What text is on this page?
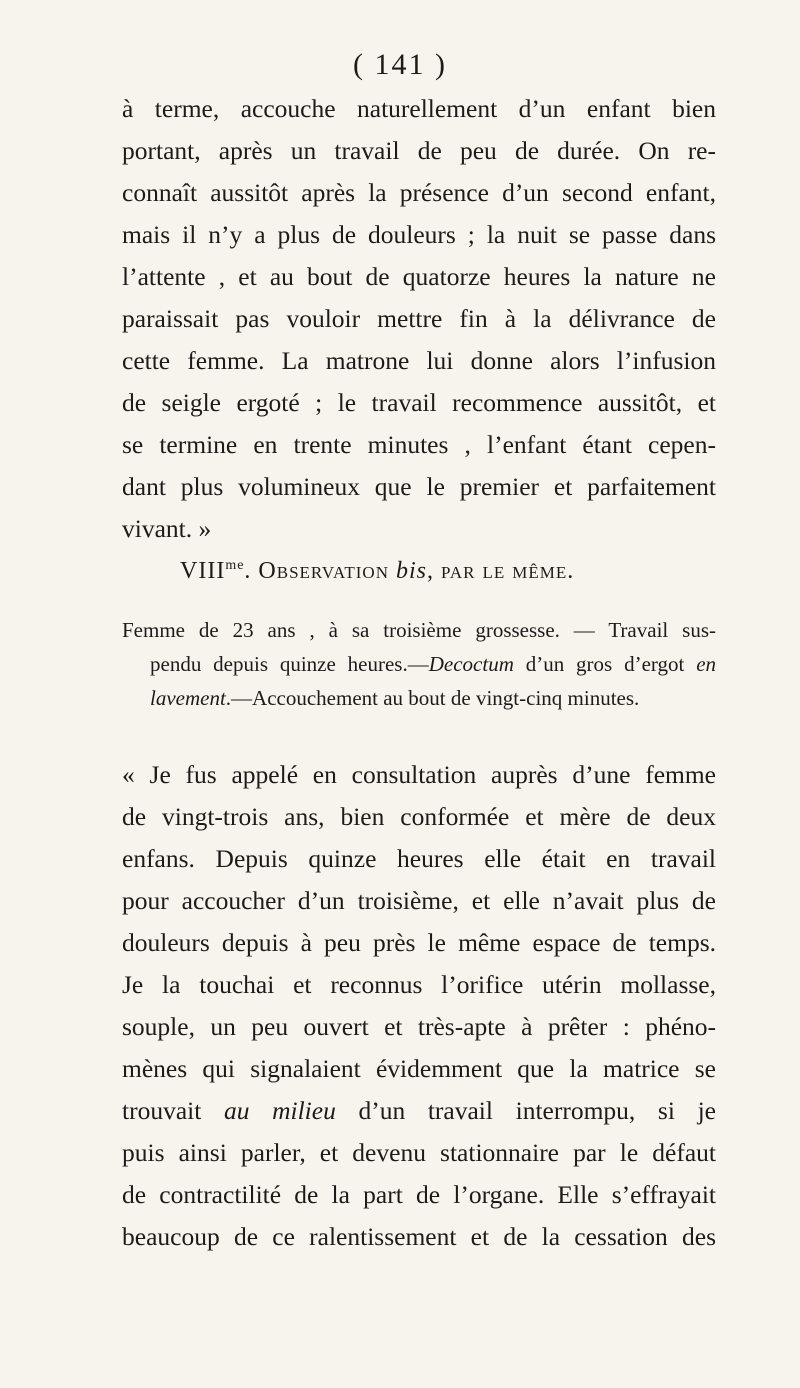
( 141 )
à terme, accouche naturellement d’un enfant bien
portant, après un travail de peu de durée. On re-
connaît aussitôt après la présence d’un second enfant,
mais il n’y a plus de douleurs ; la nuit se passe dans
l’attente , et au bout de quatorze heures la nature ne
paraissait pas vouloir mettre fin à la délivrance de
cette femme. La matrone lui donne alors l’infusion
de seigle ergoté ; le travail recommence aussitôt, et
se termine en trente minutes , l’enfant étant cepen-
dant plus volumineux que le premier et parfaitement
vivant. »
$VIII^{me}$. Observation bis, par le même.
Femme de 23 ans , à sa troisième grossesse. — Travail sus-
pendu depuis quinze heures.—Decoctum d’un gros d’ergot en
lavement.—Accouchement au bout de vingt-cinq minutes.
« Je fus appelé en consultation auprès d’une femme
de vingt-trois ans, bien conformée et mère de deux
enfans. Depuis quinze heures elle était en travail
pour accoucher d’un troisième, et elle n’avait plus de
douleurs depuis à peu près le même espace de temps.
Je la touchai et reconnus l’orifice utérin mollasse,
souple, un peu ouvert et très-apte à prêter : phéno-
mènes qui signalaient évidemment que la matrice se
trouvait au milieu d’un travail interrompu, si je
puis ainsi parler, et devenu stationnaire par le défaut
de contractilité de la part de l’organe. Elle s’effrayait
beaucoup de ce ralentissement et de la cessation des
